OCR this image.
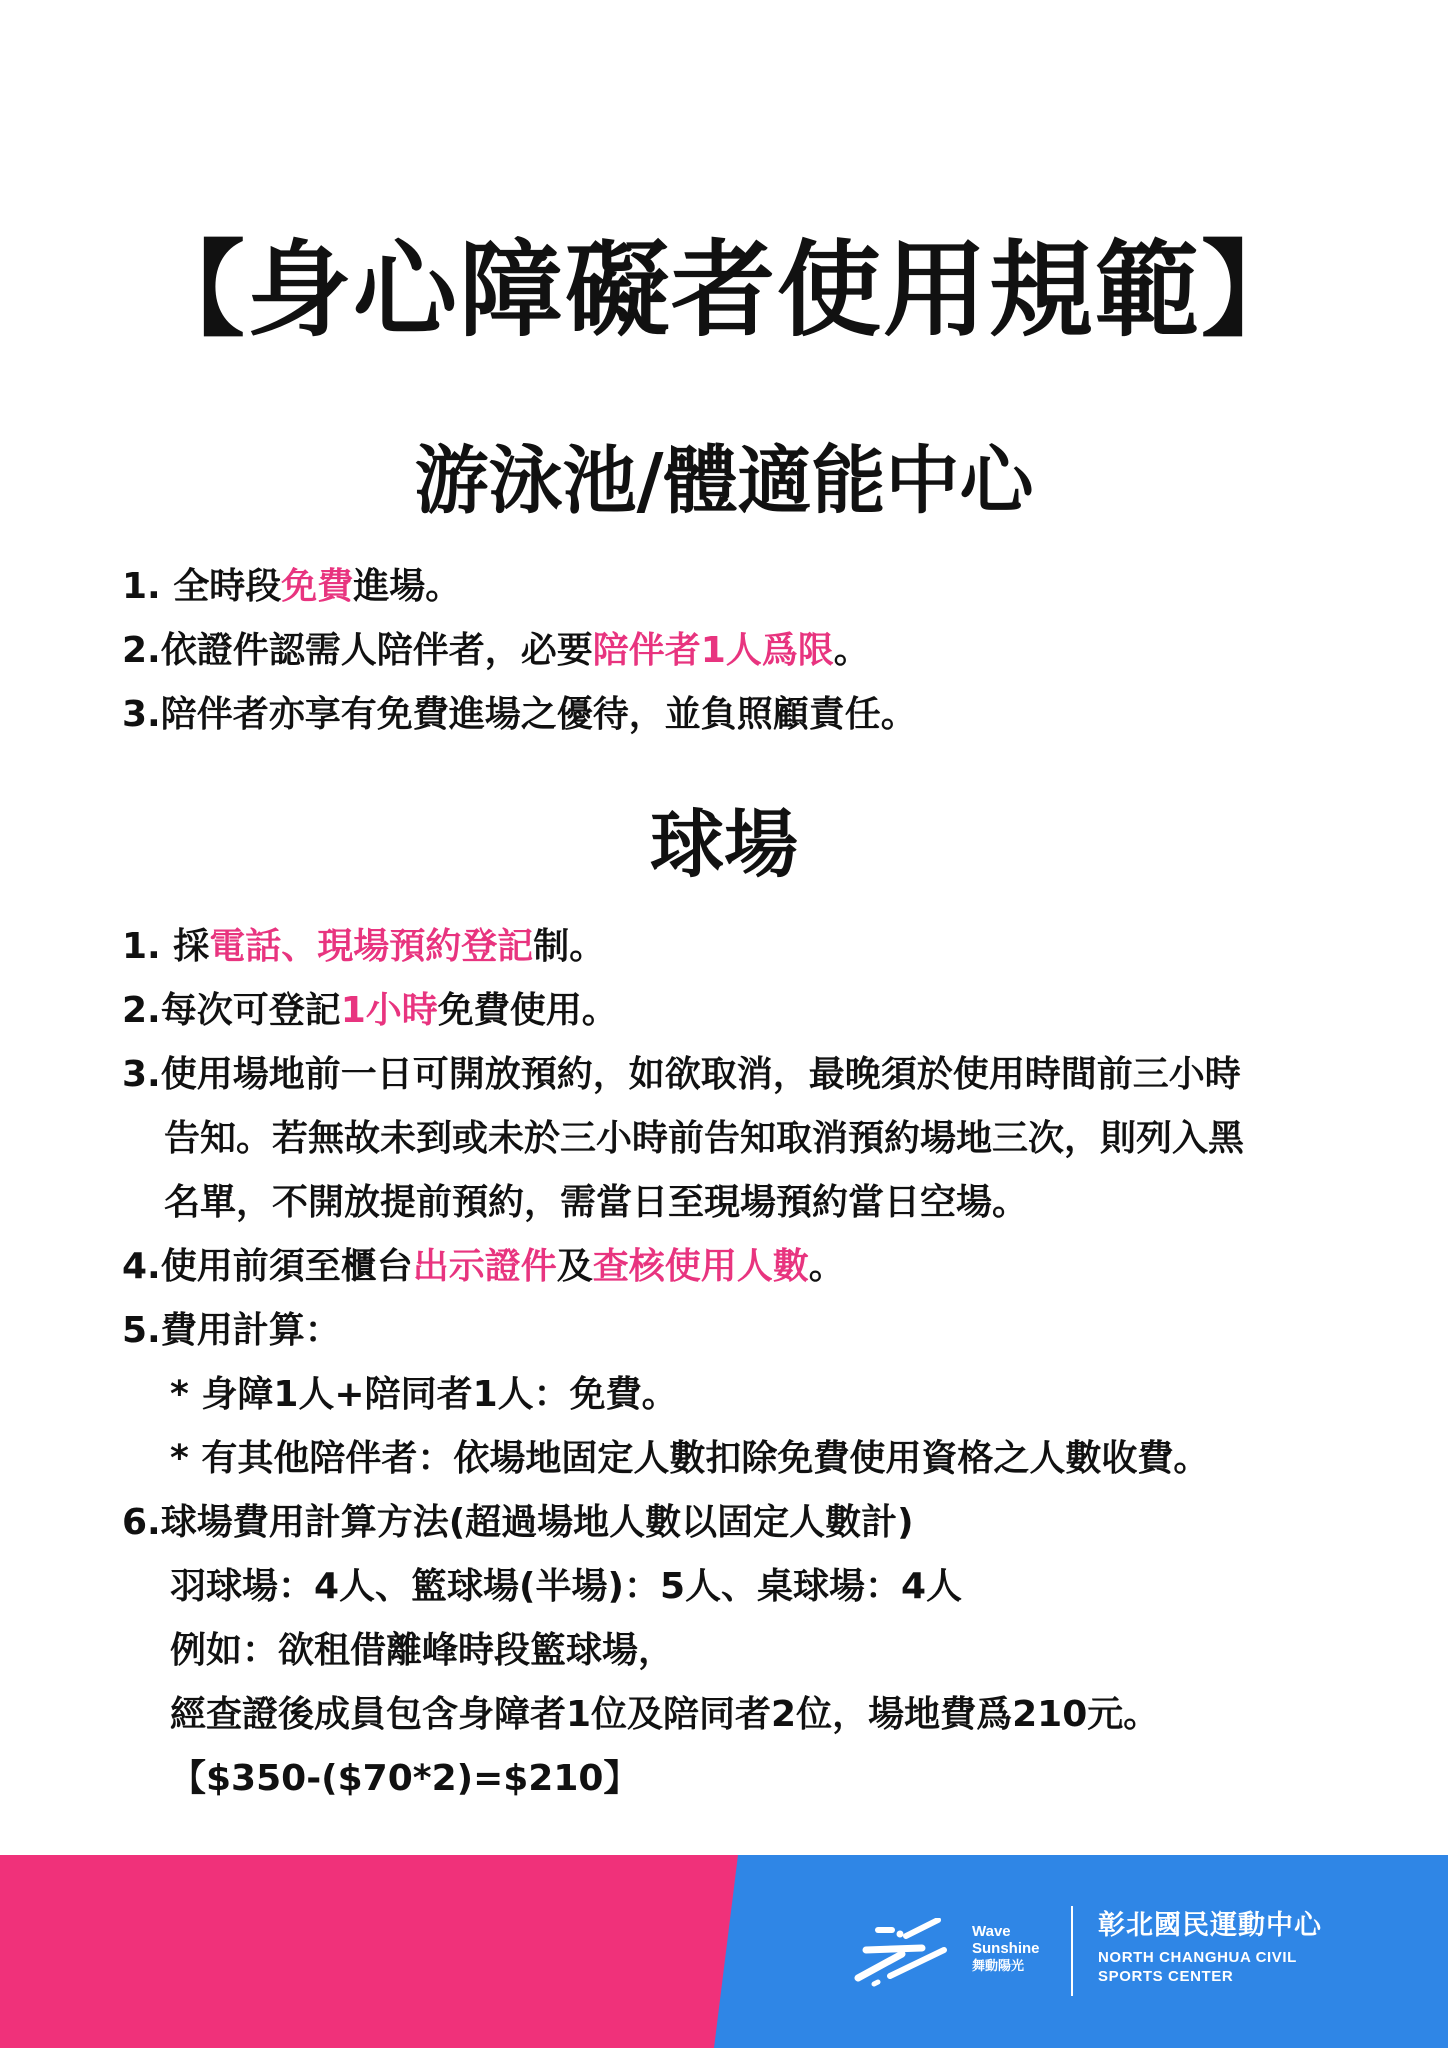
【身心障礙者使用規範】
游泳池/體適能中心
1. 全時段免費進場。
2.依證件認需人陪伴者，必要陪伴者1人爲限。
3.陪伴者亦享有免費進場之優待，並負照顧責任。
球場
1. 採電話、現場預約登記制。
2.每次可登記1小時免費使用。
3.使用場地前一日可開放預約，如欲取消，最晚須於使用時間前三小時
告知。若無故未到或未於三小時前告知取消預約場地三次，則列入黑
名單，不開放提前預約，需當日至現場預約當日空場。
4.使用前須至櫃台出示證件及查核使用人數。
5.費用計算：
* 身障1人+陪同者1人：免費。
* 有其他陪伴者：依場地固定人數扣除免費使用資格之人數收費。
6.球場費用計算方法(超過場地人數以固定人數計)
羽球場：4人、籃球場(半場)：5人、桌球場：4人
例如：欲租借離峰時段籃球場，
經查證後成員包含身障者1位及陪同者2位，場地費爲210元。
【$350-($70*2)=$210】
Wave
Sunshine
舞動陽光
彰北國民運動中心
NORTH CHANGHUA CIVIL
SPORTS CENTER
